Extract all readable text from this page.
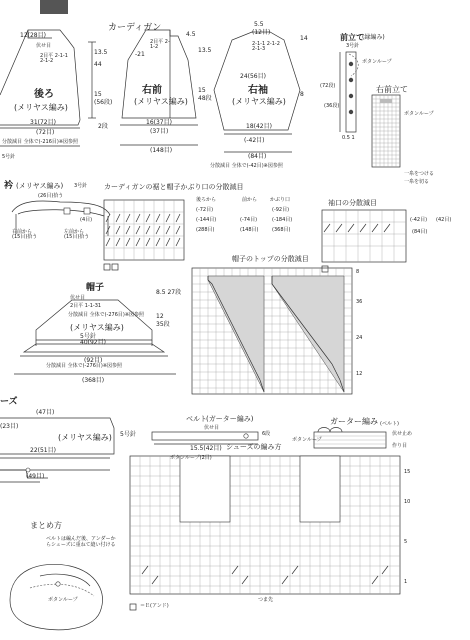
カーディガン
前立て
(縁編み)
右前立て
12(28目)
伏せ目
2目平 2-1-1 2-1-2
後ろ
(メリヤス編み)
13.5
44
15
(56段)
31(72目)
(72目)
分散減目 全体で(-216目)※図参照
2段
5号針
-21
2目平 2-1-2
4.5
13.5
15
右前
(メリヤス編み)
16(37目)
(37目)
(148目)
48段
5.5
(12目)
2-1-1 2-1-2 2-1-3
24(56目)
右袖
(メリヤス編み)
14
8
18(42目)
(-42目)
(84目)
分散減目 全体で(-42目)※図参照
3号針
ボタンループ
(72段)
(36段)
0.5 1
ボタンループ
一糸をつける
一糸を切る
衿 (メリヤス編み) 3号針
(26目)拾う
右前から (15目)拾う
左前から (15目)拾う
(4目)
カーディガンの裾と帽子かぶり口の分散減目
後ろから	前から	かぶり口
(-72目)
(-144目)
(288目)
(-74目)
(148目)
(-92目)
(-184目)
(368目)
袖口の分散減目
(-42目) (42目)
(84目)
帽子
伏せ目
2目平 1-1-31
分散減目 全体で(-276目)※図参照
(メリヤス編み)
5号針
8.5 27段
12
35段
40(92目)
(92目)
分散減目 全体で(-276目)※図参照
(368目)
帽子のトップの分散減目
8
36
24
12
ーズ
(47目)
(23目)
(メリヤス編み)
22(51目)
(49目)
5号針
ベルト (ガーター編み)
伏せ目
15.5(42目)
ボタンループ(2目)
6段
ガーター編み (ベルト)
伏せ止め
作り目
ボタンループ
シューズの編み方
15
10
5
1
つま先
＝Ｅ(アンド)
まとめ方
ベルトは編んだ後、アンダーからシューズに重ねて縫い付ける
ボタンループ
